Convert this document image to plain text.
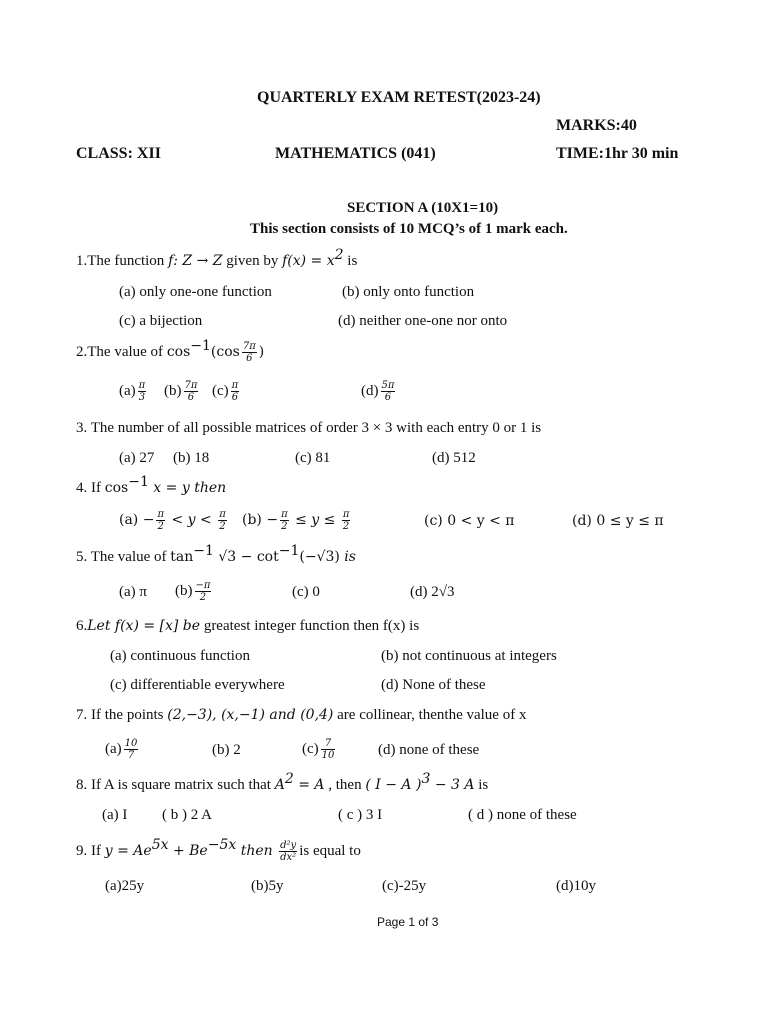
QUARTERLY EXAM RETEST(2023-24)
MARKS:40
CLASS: XII	MATHEMATICS (041)	TIME:1hr 30 min
SECTION A (10X1=10)
This section consists of 10 MCQ’s of 1 mark each.
1.The function f: Z → Z given by $f(x) = x^2$ is
(a) only one-one function	(b) only onto function
(c) a bijection	(d) neither one-one nor onto
2.The value of $\cos^{-1}(\cos \frac{7\pi}{6}$ )
$(a) \frac{\pi}{3} (b) \frac{7\pi}{6} (c) \frac{\pi}{6}$	$(d) \frac{5\pi}{6}$
3. The number of all possible matrices of order 3 × 3 with each entry 0 or 1 is
(a) 27 (b) 18	(c) 81	(d) 512
4. If $\cos^{-1} x = y$ then
$(a) - \frac{\pi}{2} < y < \frac{\pi}{2} (b) - \frac{\pi}{2} \le y \le \frac{\pi}{2}$	(c) 0 < y < π	(d) 0 ≤ y ≤ π
5. The value of $\tan^{-1} √3 - \cot^{-1}(-√3)$ is
(a) π $(b) \frac{-\pi}{2}$	(c) 0	(d) 2√3
6.Let f(x) = [x] be greatest integer function then f(x) is
(a) continuous function	(b) not continuous at integers
(c) differentiable everywhere	(d) None of these
7. If the points (2,−3), (x,−1) and (0,4) are collinear, thenthe value of x
$(a) \frac{10}{7}$	(b) 2	$(c) \frac{7}{10}$	(d) none of these
8. If A is square matrix such that $A^2 = A$ , then ( I − A )$^3$ − 3 A is
(a) I ( b ) 2 A	( c ) 3 I	( d ) none of these
9. If $y = Ae^{5x} + Be^{-5x}$ then $\frac{\text{d²y}}{\text{dx²}}$ is equal to
(a)25y	(b)5y	(c)-25y	(d)10y
Page 1 of 3
